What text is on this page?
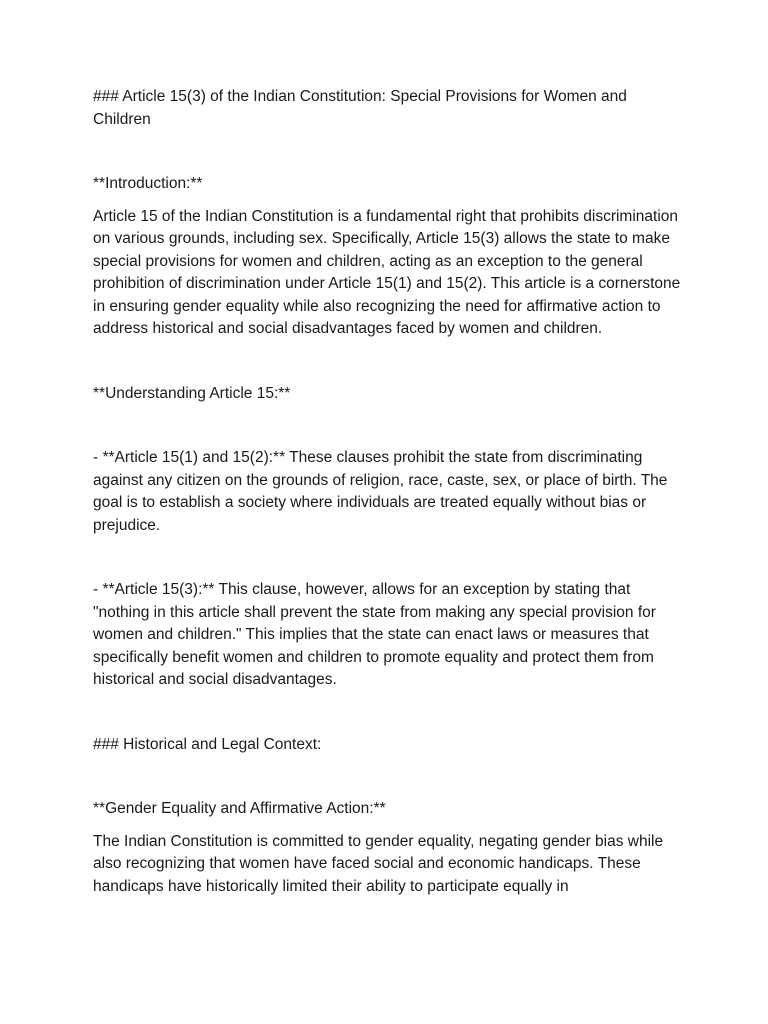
### Article 15(3) of the Indian Constitution: Special Provisions for Women and Children

**Introduction:**

Article 15 of the Indian Constitution is a fundamental right that prohibits discrimination on various grounds, including sex. Specifically, Article 15(3) allows the state to make special provisions for women and children, acting as an exception to the general prohibition of discrimination under Article 15(1) and 15(2). This article is a cornerstone in ensuring gender equality while also recognizing the need for affirmative action to address historical and social disadvantages faced by women and children.

**Understanding Article 15:**

- **Article 15(1) and 15(2):** These clauses prohibit the state from discriminating against any citizen on the grounds of religion, race, caste, sex, or place of birth. The goal is to establish a society where individuals are treated equally without bias or prejudice.

- **Article 15(3):** This clause, however, allows for an exception by stating that "nothing in this article shall prevent the state from making any special provision for women and children." This implies that the state can enact laws or measures that specifically benefit women and children to promote equality and protect them from historical and social disadvantages.

### Historical and Legal Context:

**Gender Equality and Affirmative Action:**

The Indian Constitution is committed to gender equality, negating gender bias while also recognizing that women have faced social and economic handicaps. These handicaps have historically limited their ability to participate equally in
